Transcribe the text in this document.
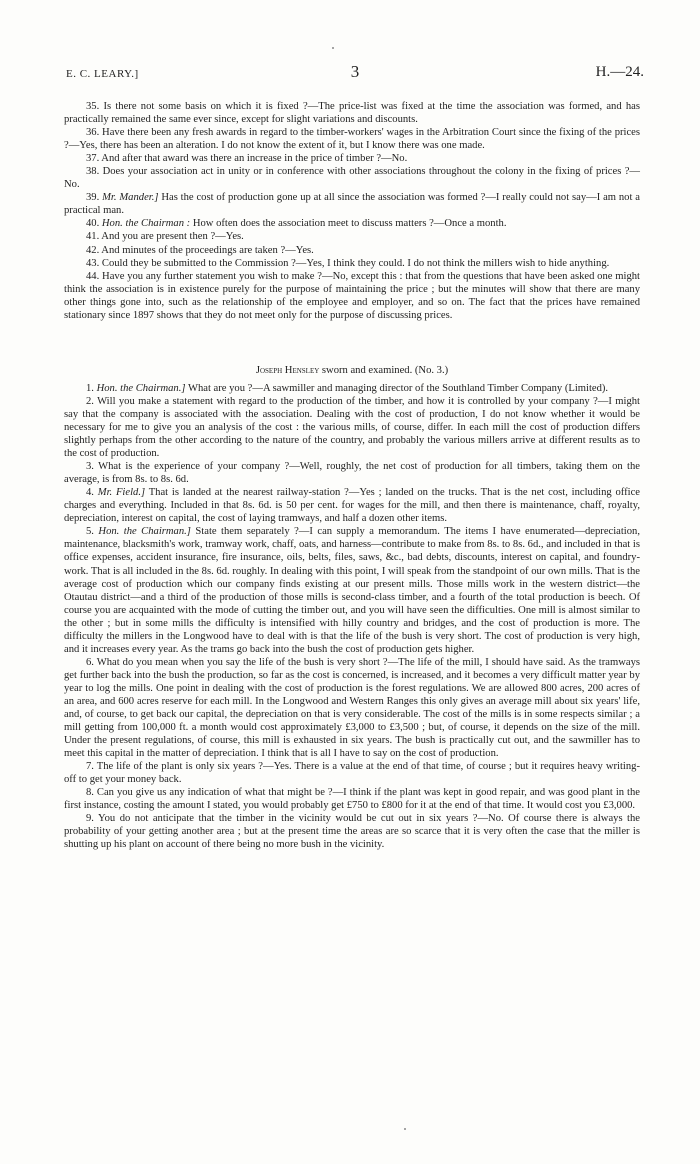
E. C. LEARY.]	3	H.—24.

35. Is there not some basis on which it is fixed ?—The price-list was fixed at the time the association was formed, and has practically remained the same ever since, except for slight variations and discounts.

36. Have there been any fresh awards in regard to the timber-workers' wages in the Arbitration Court since the fixing of the prices ?—Yes, there has been an alteration. I do not know the extent of it, but I know there was one made.

37. And after that award was there an increase in the price of timber ?—No.

38. Does your association act in unity or in conference with other associations throughout the colony in the fixing of prices ?—No.

39. Mr. Mander.] Has the cost of production gone up at all since the association was formed ?—I really could not say—I am not a practical man.

40. Hon. the Chairman : How often does the association meet to discuss matters ?—Once a month.

41. And you are present then ?—Yes.

42. And minutes of the proceedings are taken ?—Yes.

43. Could they be submitted to the Commission ?—Yes, I think they could. I do not think the millers wish to hide anything.

44. Have you any further statement you wish to make ?—No, except this : that from the questions that have been asked one might think the association is in existence purely for the purpose of maintaining the price ; but the minutes will show that there are many other things gone into, such as the relationship of the employee and employer, and so on. The fact that the prices have remained stationary since 1897 shows that they do not meet only for the purpose of discussing prices.

Joseph Hensley sworn and examined. (No. 3.)

1. Hon. the Chairman.] What are you ?—A sawmiller and managing director of the Southland Timber Company (Limited).

2. Will you make a statement with regard to the production of the timber, and how it is controlled by your company ?—I might say that the company is associated with the association. Dealing with the cost of production, I do not know whether it would be necessary for me to give you an analysis of the cost : the various mills, of course, differ. In each mill the cost of production differs slightly perhaps from the other according to the nature of the country, and probably the various millers arrive at different results as to the cost of production.

3. What is the experience of your company ?—Well, roughly, the net cost of production for all timbers, taking them on the average, is from 8s. to 8s. 6d.

4. Mr. Field.] That is landed at the nearest railway-station ?—Yes ; landed on the trucks. That is the net cost, including office charges and everything. Included in that 8s. 6d. is 50 per cent. for wages for the mill, and then there is maintenance, chaff, royalty, depreciation, interest on capital, the cost of laying tramways, and half a dozen other items.

5. Hon. the Chairman.] State them separately ?—I can supply a memorandum. The items I have enumerated—depreciation, maintenance, blacksmith's work, tramway work, chaff, oats, and harness—contribute to make from 8s. to 8s. 6d., and included in that is office expenses, accident insurance, fire insurance, oils, belts, files, saws, &c., bad debts, discounts, interest on capital, and foundry-work. That is all included in the 8s. 6d. roughly. In dealing with this point, I will speak from the standpoint of our own mills. That is the average cost of production which our company finds existing at our present mills. Those mills work in the western district—the Otautau district—and a third of the production of those mills is second-class timber, and a fourth of the total production is beech. Of course you are acquainted with the mode of cutting the timber out, and you will have seen the difficulties. One mill is almost similar to the other ; but in some mills the difficulty is intensified with hilly country and bridges, and the cost of production is more. The difficulty the millers in the Longwood have to deal with is that the life of the bush is very short. The cost of production is very high, and it increases every year. As the trams go back into the bush the cost of production gets higher.

6. What do you mean when you say the life of the bush is very short ?—The life of the mill, I should have said. As the tramways get further back into the bush the production, so far as the cost is concerned, is increased, and it becomes a very difficult matter year by year to log the mills. One point in dealing with the cost of production is the forest regulations. We are allowed 800 acres, 200 acres of an area, and 600 acres reserve for each mill. In the Longwood and Western Ranges this only gives an average mill about six years' life, and, of course, to get back our capital, the depreciation on that is very considerable. The cost of the mills is in some respects similar ; a mill getting from 100,000 ft. a month would cost approximately £3,000 to £3,500 ; but, of course, it depends on the size of the mill. Under the present regulations, of course, this mill is exhausted in six years. The bush is practically cut out, and the sawmiller has to meet this capital in the matter of depreciation. I think that is all I have to say on the cost of production.

7. The life of the plant is only six years ?—Yes. There is a value at the end of that time, of course ; but it requires heavy writing-off to get your money back.

8. Can you give us any indication of what that might be ?—I think if the plant was kept in good repair, and was good plant in the first instance, costing the amount I stated, you would probably get £750 to £800 for it at the end of that time. It would cost you £3,000.

9. You do not anticipate that the timber in the vicinity would be cut out in six years ?—No. Of course there is always the probability of your getting another area ; but at the present time the areas are so scarce that it is very often the case that the miller is shutting up his plant on account of there being no more bush in the vicinity.
